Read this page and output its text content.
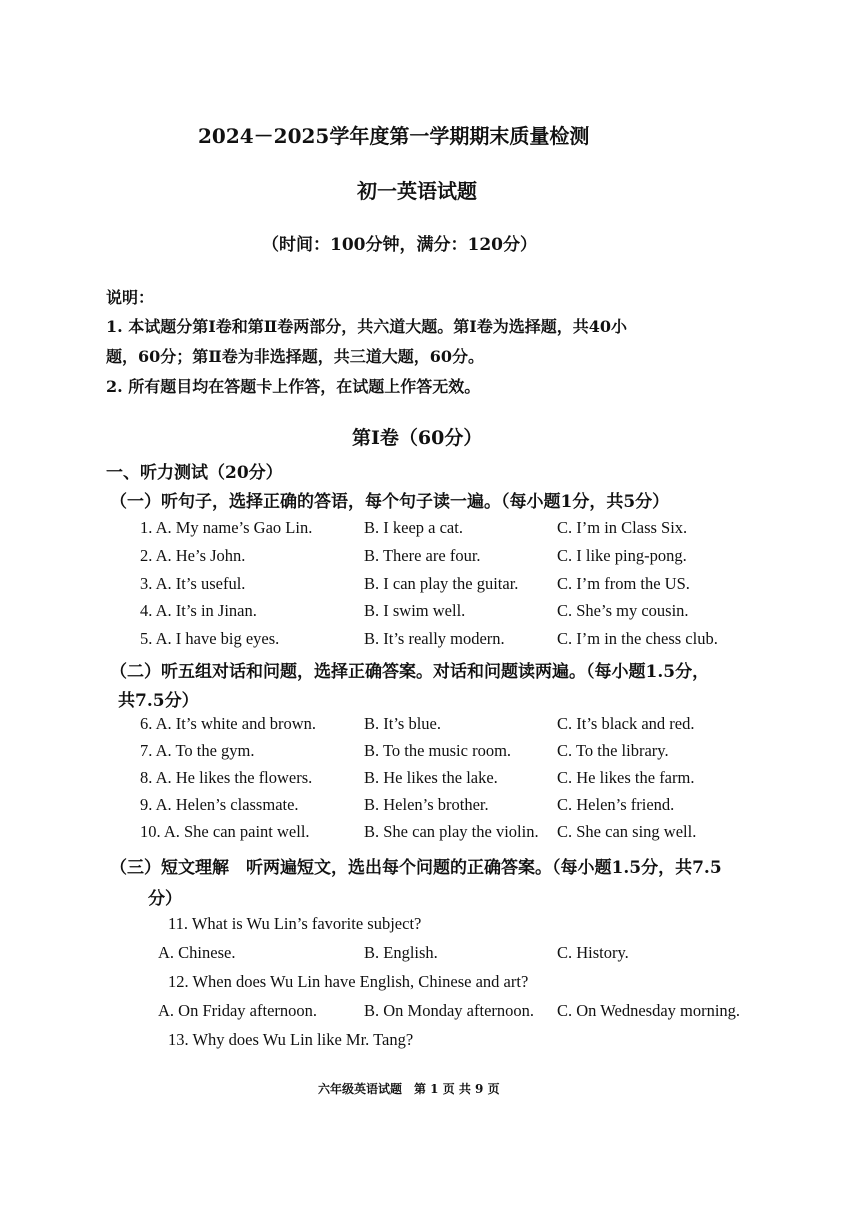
2024－2025学年度第一学期期末质量检测
初一英语试题
（时间：100分钟，满分：120分）
说明：
1. 本试题分第Ⅰ卷和第Ⅱ卷两部分，共六道大题。第Ⅰ卷为选择题，共40小
题，60分；第Ⅱ卷为非选择题，共三道大题，60分。
2. 所有题目均在答题卡上作答，在试题上作答无效。
第Ⅰ卷（60分）
一、听力测试（20分）
（一）听句子，选择正确的答语，每个句子读一遍。（每小题1分，共5分）
1. A. My name’s Gao Lin.	B. I keep a cat.	C. I’m in Class Six.
2. A. He’s John.	B. There are four.	C. I like ping-pong.
3. A. It’s useful.	B. I can play the guitar. C. I’m from the US.
4. A. It’s in Jinan.	B. I swim well.	C. She’s my cousin.
5. A. I have big eyes.	B. It’s really modern.	C. I’m in the chess club.
（二）听五组对话和问题，选择正确答案。对话和问题读两遍。（每小题1.5分，
共7.5分）
6. A. It’s white and brown.	B. It’s blue.	C. It’s black and red.
7. A. To the gym.	B. To the music room.	C. To the library.
8. A. He likes the flowers.	B. He likes the lake.	C. He likes the farm.
9. A. Helen’s classmate.	B. Helen’s brother.	C. Helen’s friend.
10. A. She can paint well.	B. She can play the violin. C. She can sing well.
（三）短文理解　听两遍短文，选出每个问题的正确答案。（每小题1.5分，共7.5
分）
11. What is Wu Lin’s favorite subject?
A. Chinese.	B. English.	C. History.
12. When does Wu Lin have English, Chinese and art?
A. On Friday afternoon.	B. On Monday afternoon. C. On Wednesday morning.
13. Why does Wu Lin like Mr. Tang?
六年级英语试题　第 1 页 共 9 页
